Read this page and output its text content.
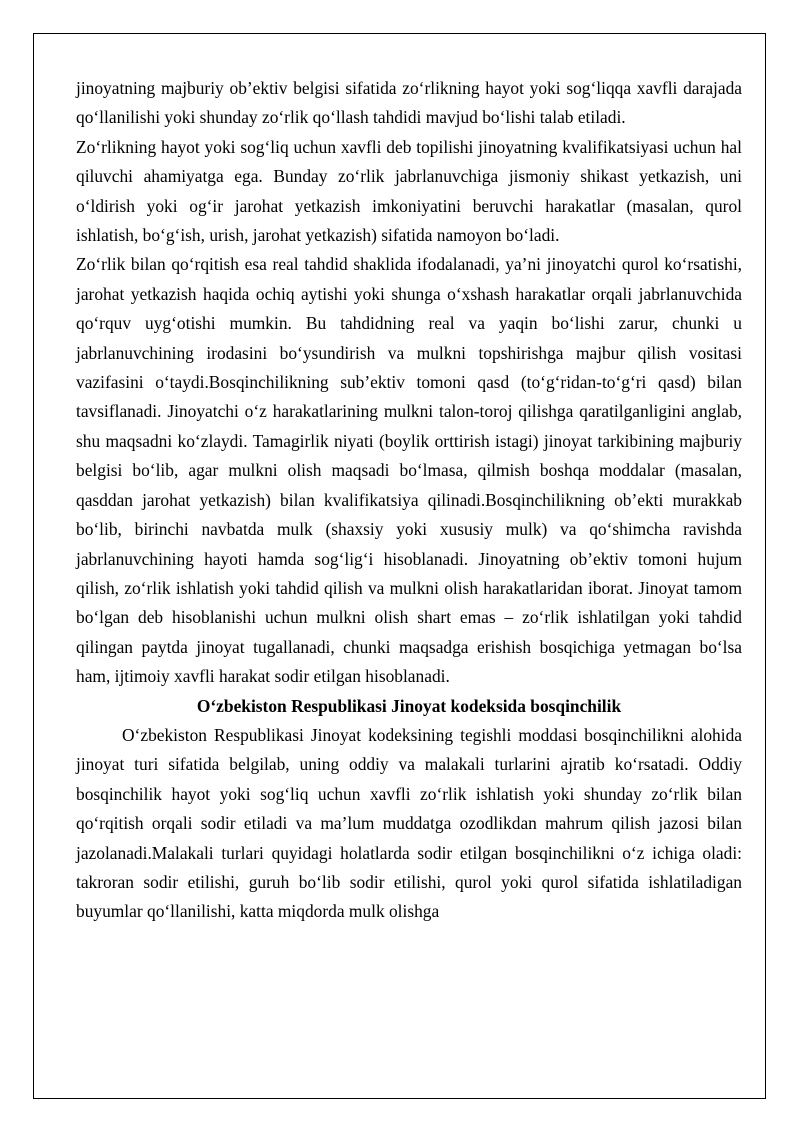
jinoyatning majburiy ob’ektiv belgisi sifatida zo‘rlikning hayot yoki sog‘liqqa xavfli darajada qo‘llanilishi yoki shunday zo‘rlik qo‘llash tahdidi mavjud bo‘lishi talab etiladi.

Zo‘rlikning hayot yoki sog‘liq uchun xavfli deb topilishi jinoyatning kvalifikatsiyasi uchun hal qiluvchi ahamiyatga ega. Bunday zo‘rlik jabrlanuvchiga jismoniy shikast yetkazish, uni o‘ldirish yoki og‘ir jarohat yetkazish imkoniyatini beruvchi harakatlar (masalan, qurol ishlatish, bo‘g‘ish, urish, jarohat yetkazish) sifatida namoyon bo‘ladi.

Zo‘rlik bilan qo‘rqitish esa real tahdid shaklida ifodalanadi, ya’ni jinoyatchi qurol ko‘rsatishi, jarohat yetkazish haqida ochiq aytishi yoki shunga o‘xshash harakatlar orqali jabrlanuvchida qo‘rquv uyg‘otishi mumkin. Bu tahdidning real va yaqin bo‘lishi zarur, chunki u jabrlanuvchining irodasini bo‘ysundirish va mulkni topshirishga majbur qilish vositasi vazifasini o‘taydi.Bosqinchilikning sub’ektiv tomoni qasd (to‘g‘ridan-to‘g‘ri qasd) bilan tavsiflanadi. Jinoyatchi o‘z harakatlarining mulkni talon-toroj qilishga qaratilganligini anglab, shu maqsadni ko‘zlaydi. Tamagirlik niyati (boylik orttirish istagi) jinoyat tarkibining majburiy belgisi bo‘lib, agar mulkni olish maqsadi bo‘lmasa, qilmish boshqa moddalar (masalan, qasddan jarohat yetkazish) bilan kvalifikatsiya qilinadi.Bosqinchilikning ob’ekti murakkab bo‘lib, birinchi navbatda mulk (shaxsiy yoki xususiy mulk) va qo‘shimcha ravishda jabrlanuvchining hayoti hamda sog‘lig‘i hisoblanadi. Jinoyatning ob’ektiv tomoni hujum qilish, zo‘rlik ishlatish yoki tahdid qilish va mulkni olish harakatlaridan iborat. Jinoyat tamom bo‘lgan deb hisoblanishi uchun mulkni olish shart emas – zo‘rlik ishlatilgan yoki tahdid qilingan paytda jinoyat tugallanadi, chunki maqsadga erishish bosqichiga yetmagan bo‘lsa ham, ijtimoiy xavfli harakat sodir etilgan hisoblanadi.

O‘zbekiston Respublikasi Jinoyat kodeksida bosqinchilik

O‘zbekiston Respublikasi Jinoyat kodeksining tegishli moddasi bosqinchilikni alohida jinoyat turi sifatida belgilab, uning oddiy va malakali turlarini ajratib ko‘rsatadi. Oddiy bosqinchilik hayot yoki sog‘liq uchun xavfli zo‘rlik ishlatish yoki shunday zo‘rlik bilan qo‘rqitish orqali sodir etiladi va ma’lum muddatga ozodlikdan mahrum qilish jazosi bilan jazolanadi.Malakali turlari quyidagi holatlarda sodir etilgan bosqinchilikni o‘z ichiga oladi: takroran sodir etilishi, guruh bo‘lib sodir etilishi, qurol yoki qurol sifatida ishlatiladigan buyumlar qo‘llanilishi, katta miqdorda mulk olishga
